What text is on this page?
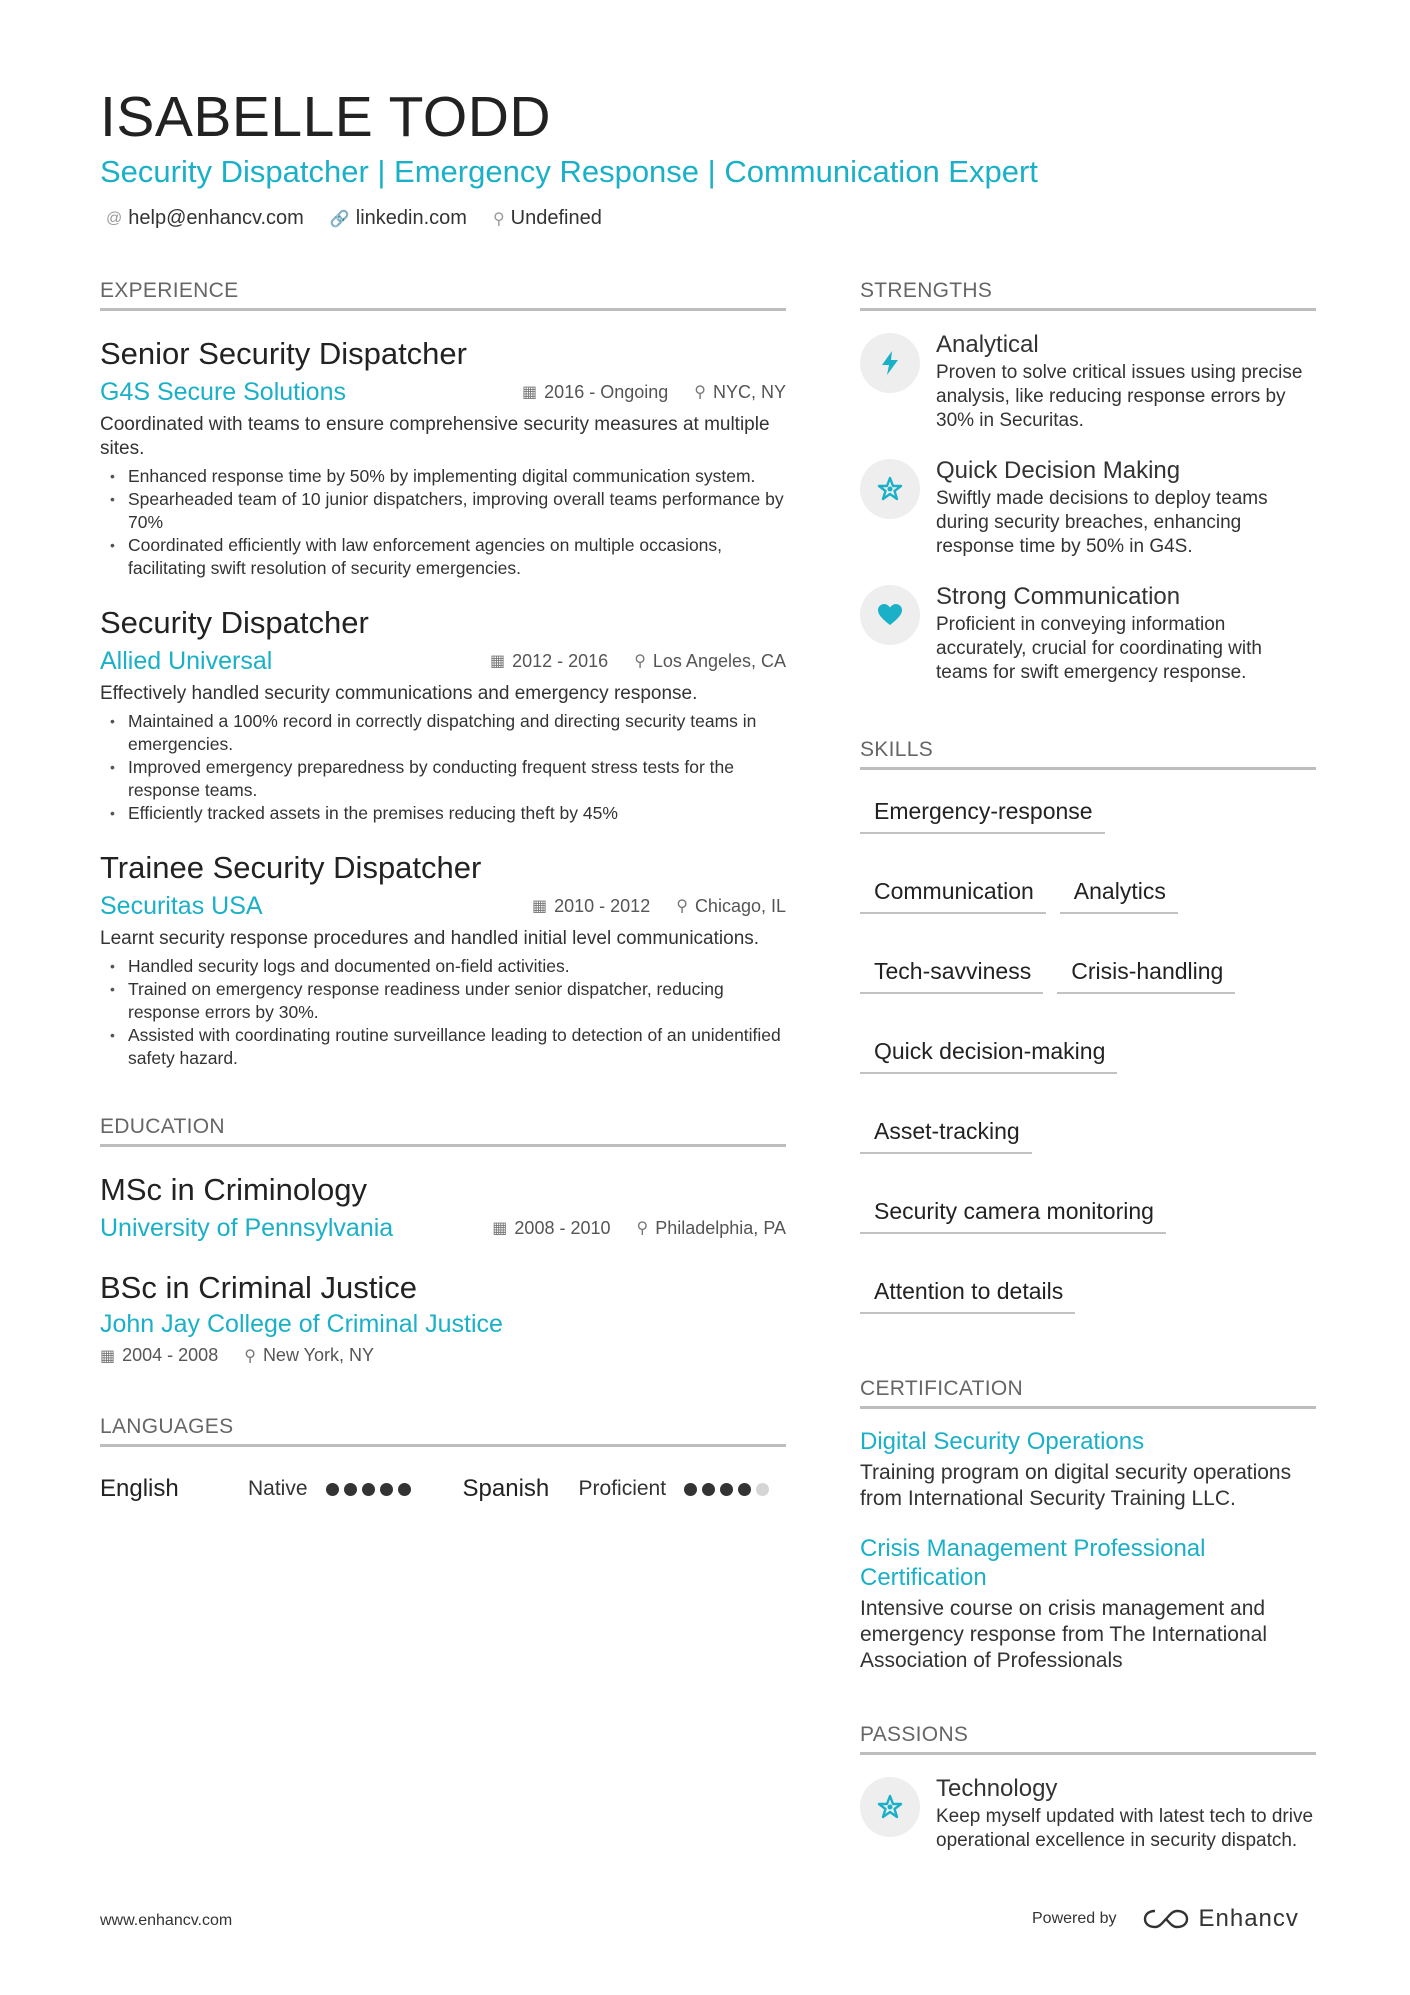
ISABELLE TODD
Security Dispatcher | Emergency Response | Communication Expert
@ help@enhancv.com 🔗 linkedin.com ⚲ Undefined
EXPERIENCE
Senior Security Dispatcher
G4S Secure Solutions	▦ 2016 - Ongoing ⚲ NYC, NY
Coordinated with teams to ensure comprehensive security measures at multiple sites.
• Enhanced response time by 50% by implementing digital communication system.
• Spearheaded team of 10 junior dispatchers, improving overall teams performance by 70%
• Coordinated efficiently with law enforcement agencies on multiple occasions, facilitating swift resolution of security emergencies.
Security Dispatcher
Allied Universal	▦ 2012 - 2016 ⚲ Los Angeles, CA
Effectively handled security communications and emergency response.
• Maintained a 100% record in correctly dispatching and directing security teams in emergencies.
• Improved emergency preparedness by conducting frequent stress tests for the response teams.
• Efficiently tracked assets in the premises reducing theft by 45%
Trainee Security Dispatcher
Securitas USA	▦ 2010 - 2012 ⚲ Chicago, IL
Learnt security response procedures and handled initial level communications.
• Handled security logs and documented on-field activities.
• Trained on emergency response readiness under senior dispatcher, reducing response errors by 30%.
• Assisted with coordinating routine surveillance leading to detection of an unidentified safety hazard.
EDUCATION
MSc in Criminology
University of Pennsylvania	▦ 2008 - 2010 ⚲ Philadelphia, PA
BSc in Criminal Justice
John Jay College of Criminal Justice
▦ 2004 - 2008 ⚲ New York, NY
LANGUAGES
English	Native	Spanish	Proficient
STRENGTHS
Analytical
Proven to solve critical issues using precise analysis, like reducing response errors by 30% in Securitas.
Quick Decision Making
Swiftly made decisions to deploy teams during security breaches, enhancing response time by 50% in G4S.
Strong Communication
Proficient in conveying information accurately, crucial for coordinating with teams for swift emergency response.
SKILLS
Emergency-response
Communication	Analytics
Tech-savviness	Crisis-handling
Quick decision-making
Asset-tracking
Security camera monitoring
Attention to details
CERTIFICATION
Digital Security Operations
Training program on digital security operations from International Security Training LLC.
Crisis Management Professional Certification
Intensive course on crisis management and emergency response from The International Association of Professionals
PASSIONS
Technology
Keep myself updated with latest tech to drive operational excellence in security dispatch.
www.enhancv.com	Powered by	Enhancv
